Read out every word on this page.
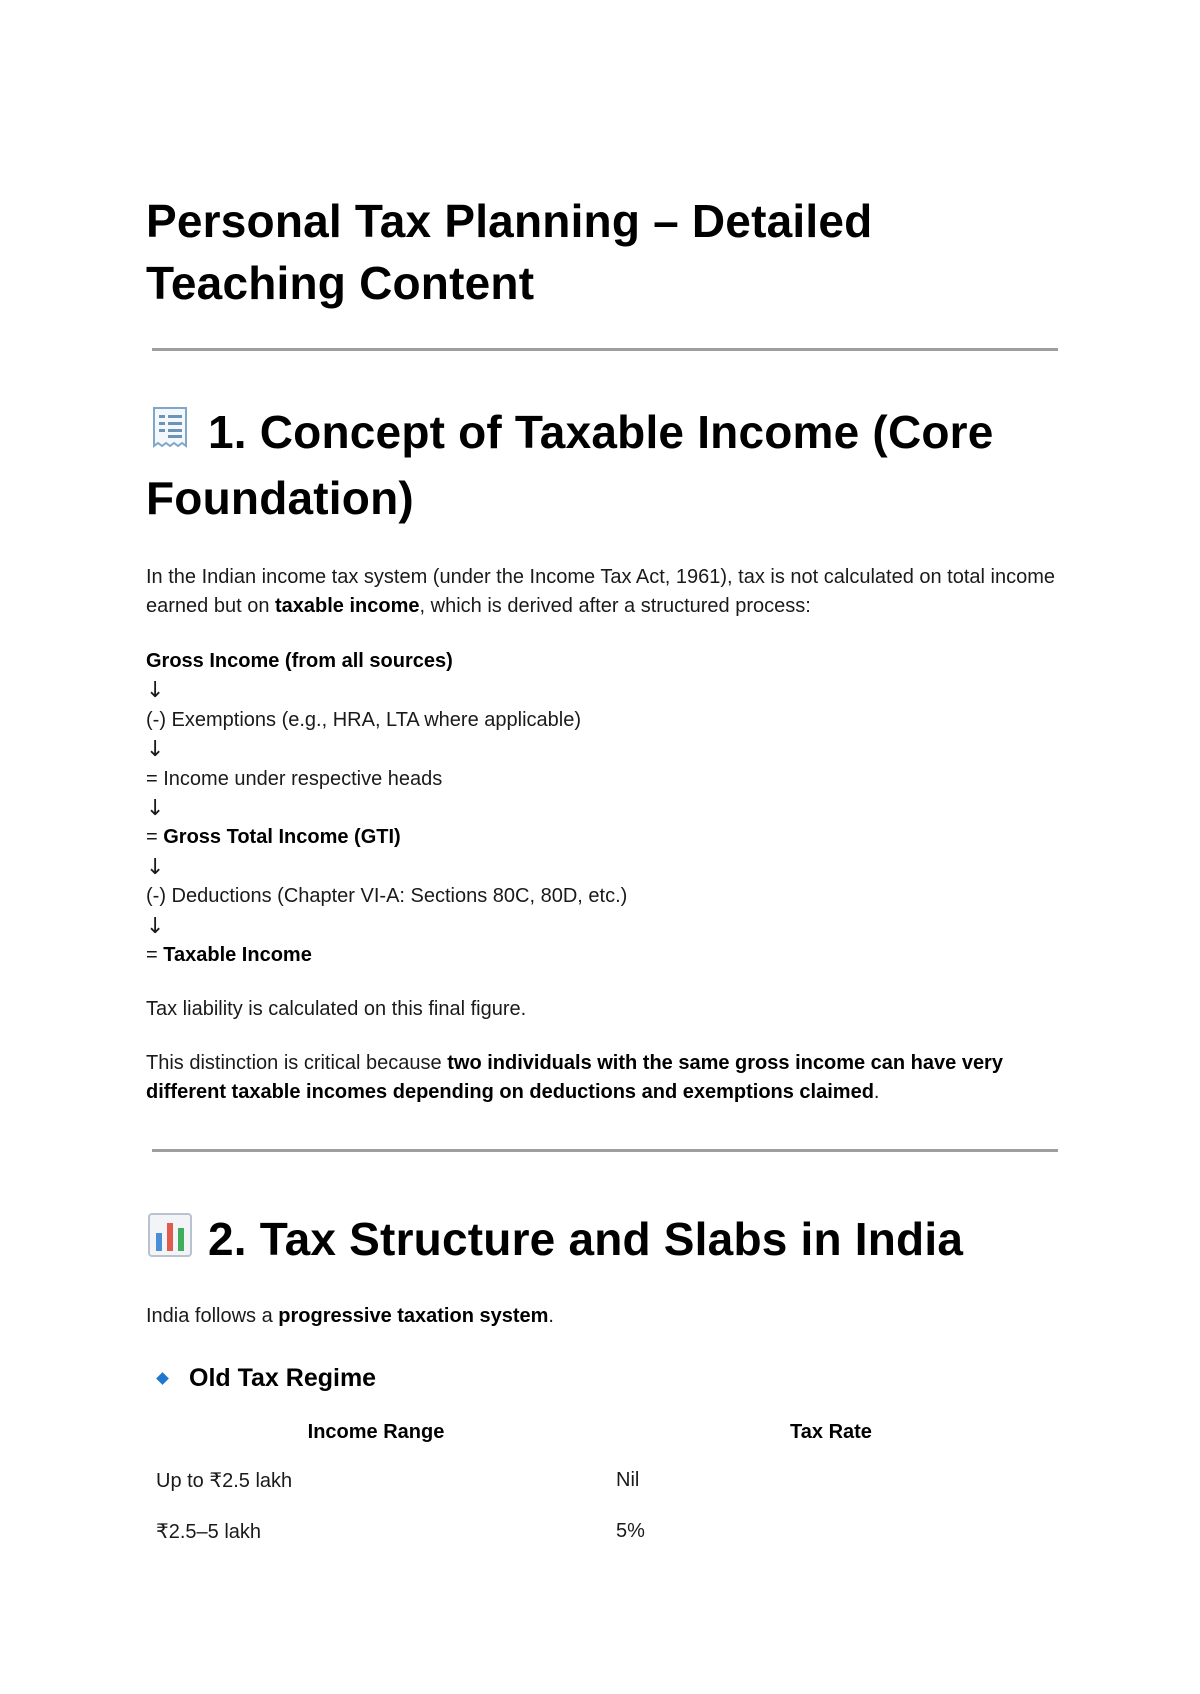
Personal Tax Planning – Detailed Teaching Content
1. Concept of Taxable Income (Core Foundation)

In the Indian income tax system (under the Income Tax Act, 1961), tax is not calculated on total income earned but on taxable income, which is derived after a structured process:

Gross Income (from all sources)
↓
(-) Exemptions (e.g., HRA, LTA where applicable)
↓
= Income under respective heads
↓
= Gross Total Income (GTI)
↓
(-) Deductions (Chapter VI-A: Sections 80C, 80D, etc.)
↓
= Taxable Income

Tax liability is calculated on this final figure.

This distinction is critical because two individuals with the same gross income can have very different taxable incomes depending on deductions and exemptions claimed.

2. Tax Structure and Slabs in India

India follows a progressive taxation system.

Old Tax Regime
Income Range	Tax Rate
Up to ₹2.5 lakh	Nil
₹2.5–5 lakh	5%
